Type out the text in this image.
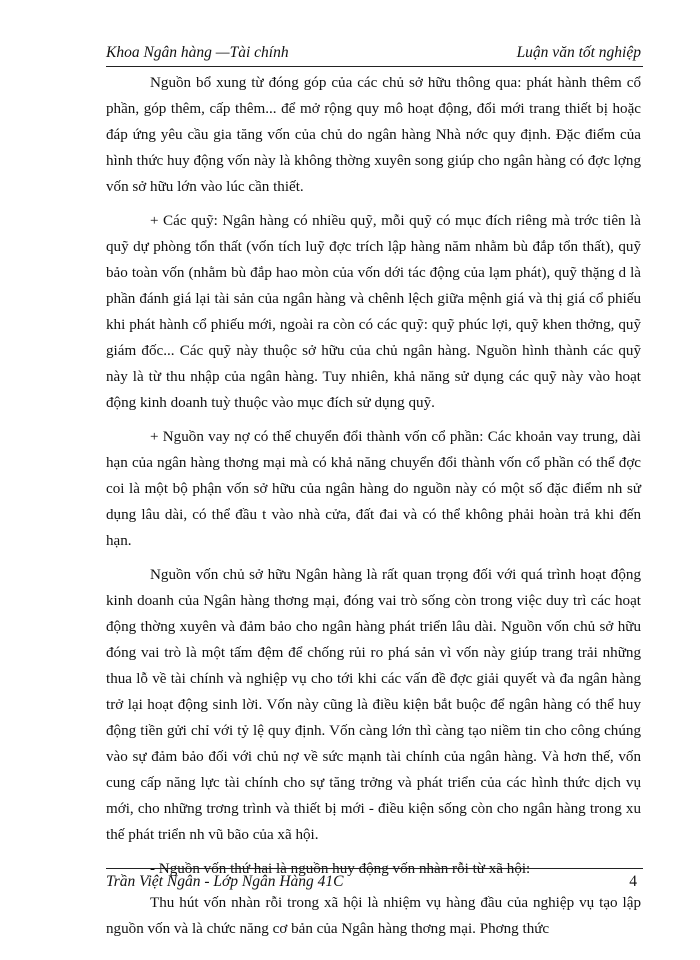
Khoa Ngân hàng —Tài chính	Luận văn tốt nghiệp

Nguồn bổ xung từ đóng góp của các chủ sở hữu thông qua: phát hành thêm cổ phần, góp thêm, cấp thêm... để mở rộng quy mô hoạt động, đổi mới trang thiết bị hoặc đáp ứng yêu cầu gia tăng vốn của chủ do ngân hàng Nhà nớc quy định. Đặc điểm của hình thức huy động vốn này là không thờng xuyên song giúp cho ngân hàng có đợc lợng vốn sở hữu lớn vào lúc cần thiết.

+ Các quỹ: Ngân hàng có nhiều quỹ, mỗi quỹ có mục đích riêng mà trớc tiên là quỹ dự phòng tổn thất (vốn tích luỹ đợc trích lập hàng năm nhằm bù đắp tổn thất), quỹ bảo toàn vốn (nhằm bù đắp hao mòn của vốn dới tác động của lạm phát), quỹ thặng d là phần đánh giá lại tài sản của ngân hàng và chênh lệch giữa mệnh giá và thị giá cổ phiếu khi phát hành cổ phiếu mới, ngoài ra còn có các quỹ: quỹ phúc lợi, quỹ khen thởng, quỹ giám đốc... Các quỹ này thuộc sở hữu của chủ ngân hàng. Nguồn hình thành các quỹ này là từ thu nhập của ngân hàng. Tuy nhiên, khả năng sử dụng các quỹ này vào hoạt động kinh doanh tuỳ thuộc vào mục đích sử dụng quỹ.

+ Nguồn vay nợ có thể chuyển đổi thành vốn cổ phần: Các khoản vay trung, dài hạn của ngân hàng thơng mại mà có khả năng chuyển đổi thành vốn cổ phần có thể đợc coi là một bộ phận vốn sở hữu của ngân hàng do nguồn này có một số đặc điểm nh sử dụng lâu dài, có thể đầu t vào nhà cửa, đất đai và có thể không phải hoàn trả khi đến hạn.

Nguồn vốn chủ sở hữu Ngân hàng là rất quan trọng đối với quá trình hoạt động kinh doanh của Ngân hàng thơng mại, đóng vai trò sống còn trong việc duy trì các hoạt động thờng xuyên và đảm bảo cho ngân hàng phát triển lâu dài. Nguồn vốn chủ sở hữu đóng vai trò là một tấm đệm để chống rủi ro phá sản vì vốn này giúp trang trải những thua lỗ về tài chính và nghiệp vụ cho tới khi các vấn đề đợc giải quyết và đa ngân hàng trở lại hoạt động sinh lời. Vốn này cũng là điều kiện bắt buộc để ngân hàng có thể huy động tiền gửi chỉ với tỷ lệ quy định. Vốn càng lớn thì càng tạo niềm tin cho công chúng vào sự đảm bảo đối với chủ nợ về sức mạnh tài chính của ngân hàng. Và hơn thế, vốn cung cấp năng lực tài chính cho sự tăng trởng và phát triển của các hình thức dịch vụ mới, cho những trơng trình và thiết bị mới - điều kiện sống còn cho ngân hàng trong xu thế phát triển nh vũ bão của xã hội.

- Nguồn vốn thứ hai là nguồn huy động vốn nhàn rỗi từ xã hội:

Thu hút vốn nhàn rỗi trong xã hội là nhiệm vụ hàng đầu của nghiệp vụ tạo lập nguồn vốn và là chức năng cơ bản của Ngân hàng thơng mại. Phơng thức

Trần Việt Ngân - Lớp Ngân Hàng 41C	4
